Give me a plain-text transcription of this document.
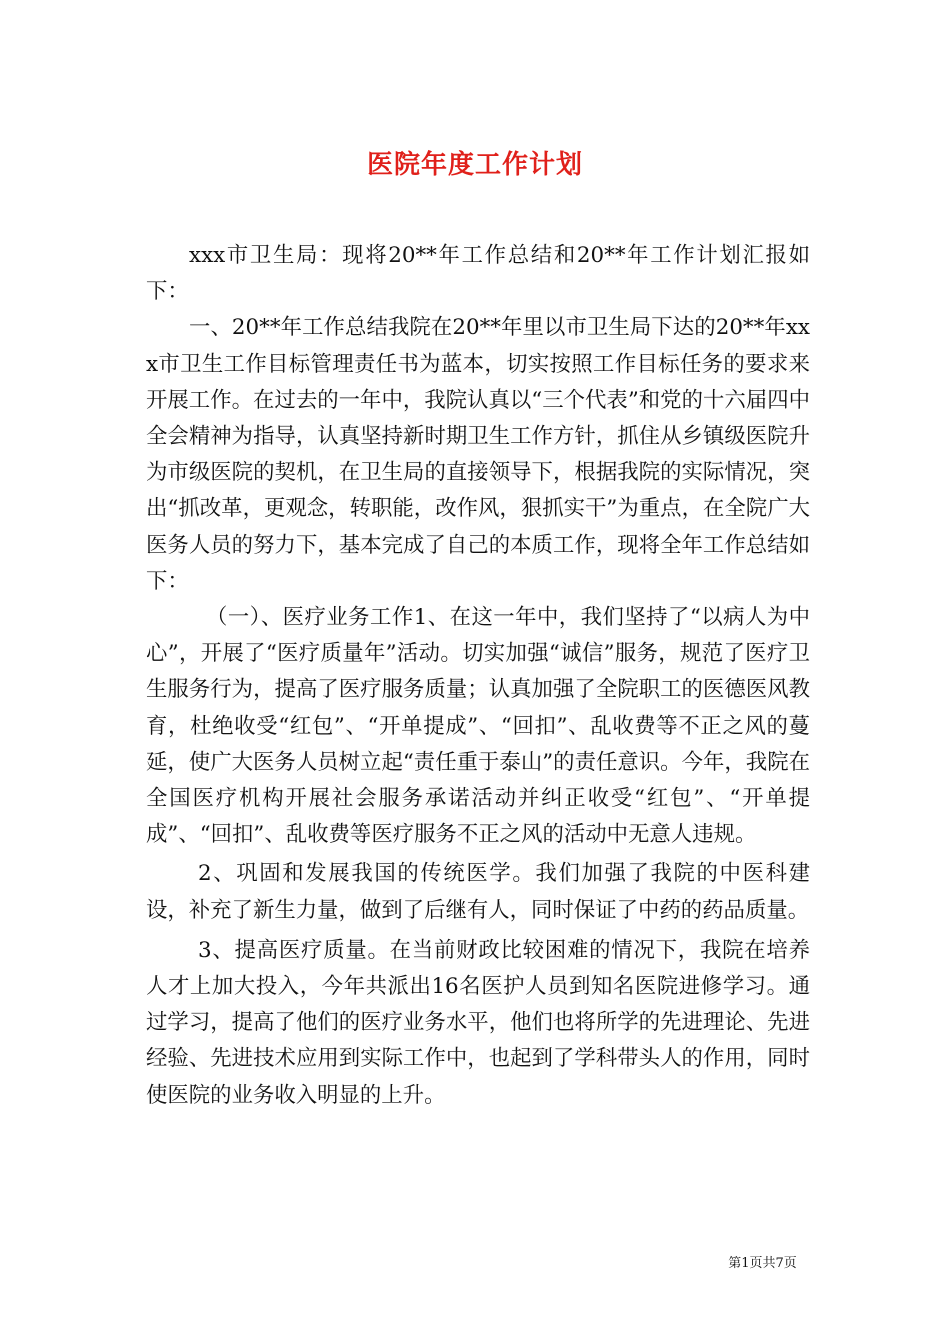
医院年度工作计划

xxx市卫生局：现将20**年工作总结和20**年工作计划汇报如下：

一、20**年工作总结我院在20**年里以市卫生局下达的20**年xxx市卫生工作目标管理责任书为蓝本，切实按照工作目标任务的要求来开展工作。在过去的一年中，我院认真以“三个代表”和党的十六届四中全会精神为指导，认真坚持新时期卫生工作方针，抓住从乡镇级医院升为市级医院的契机，在卫生局的直接领导下，根据我院的实际情况，突出“抓改革，更观念，转职能，改作风，狠抓实干”为重点，在全院广大医务人员的努力下，基本完成了自己的本质工作，现将全年工作总结如下：

（一）、医疗业务工作1、在这一年中，我们坚持了“以病人为中心”，开展了“医疗质量年”活动。切实加强“诚信”服务，规范了医疗卫生服务行为，提高了医疗服务质量；认真加强了全院职工的医德医风教育，杜绝收受“红包”、“开单提成”、“回扣”、乱收费等不正之风的蔓延，使广大医务人员树立起“责任重于泰山”的责任意识。今年，我院在全国医疗机构开展社会服务承诺活动并纠正收受“红包”、“开单提成”、“回扣”、乱收费等医疗服务不正之风的活动中无意人违规。

2、巩固和发展我国的传统医学。我们加强了我院的中医科建设，补充了新生力量，做到了后继有人，同时保证了中药的药品质量。

3、提高医疗质量。在当前财政比较困难的情况下，我院在培养人才上加大投入，今年共派出16名医护人员到知名医院进修学习。通过学习，提高了他们的医疗业务水平，他们也将所学的先进理论、先进经验、先进技术应用到实际工作中，也起到了学科带头人的作用，同时使医院的业务收入明显的上升。

第1页共7页
